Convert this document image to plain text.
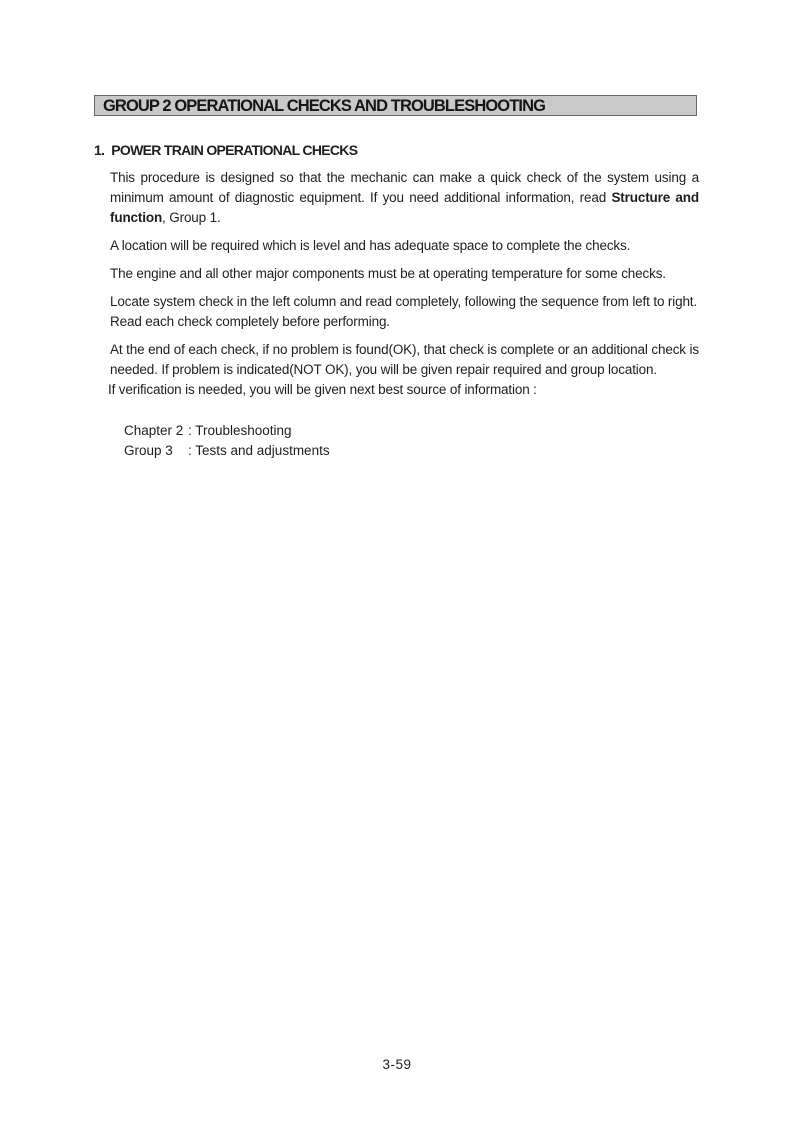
GROUP 2 OPERATIONAL CHECKS AND TROUBLESHOOTING
1. POWER TRAIN OPERATIONAL CHECKS

This procedure is designed so that the mechanic can make a quick check of the system using a minimum amount of diagnostic equipment. If you need additional information, read Structure and function, Group 1.

A location will be required which is level and has adequate space to complete the checks.

The engine and all other major components must be at operating temperature for some checks.

Locate system check in the left column and read completely, following the sequence from left to right.
Read each check completely before performing.

At the end of each check, if no problem is found(OK), that check is complete or an additional check is needed. If problem is indicated(NOT OK), you will be given repair required and group location.
If verification is needed, you will be given next best source of information :

Chapter 2 : Troubleshooting
Group 3 : Tests and adjustments
3-59
